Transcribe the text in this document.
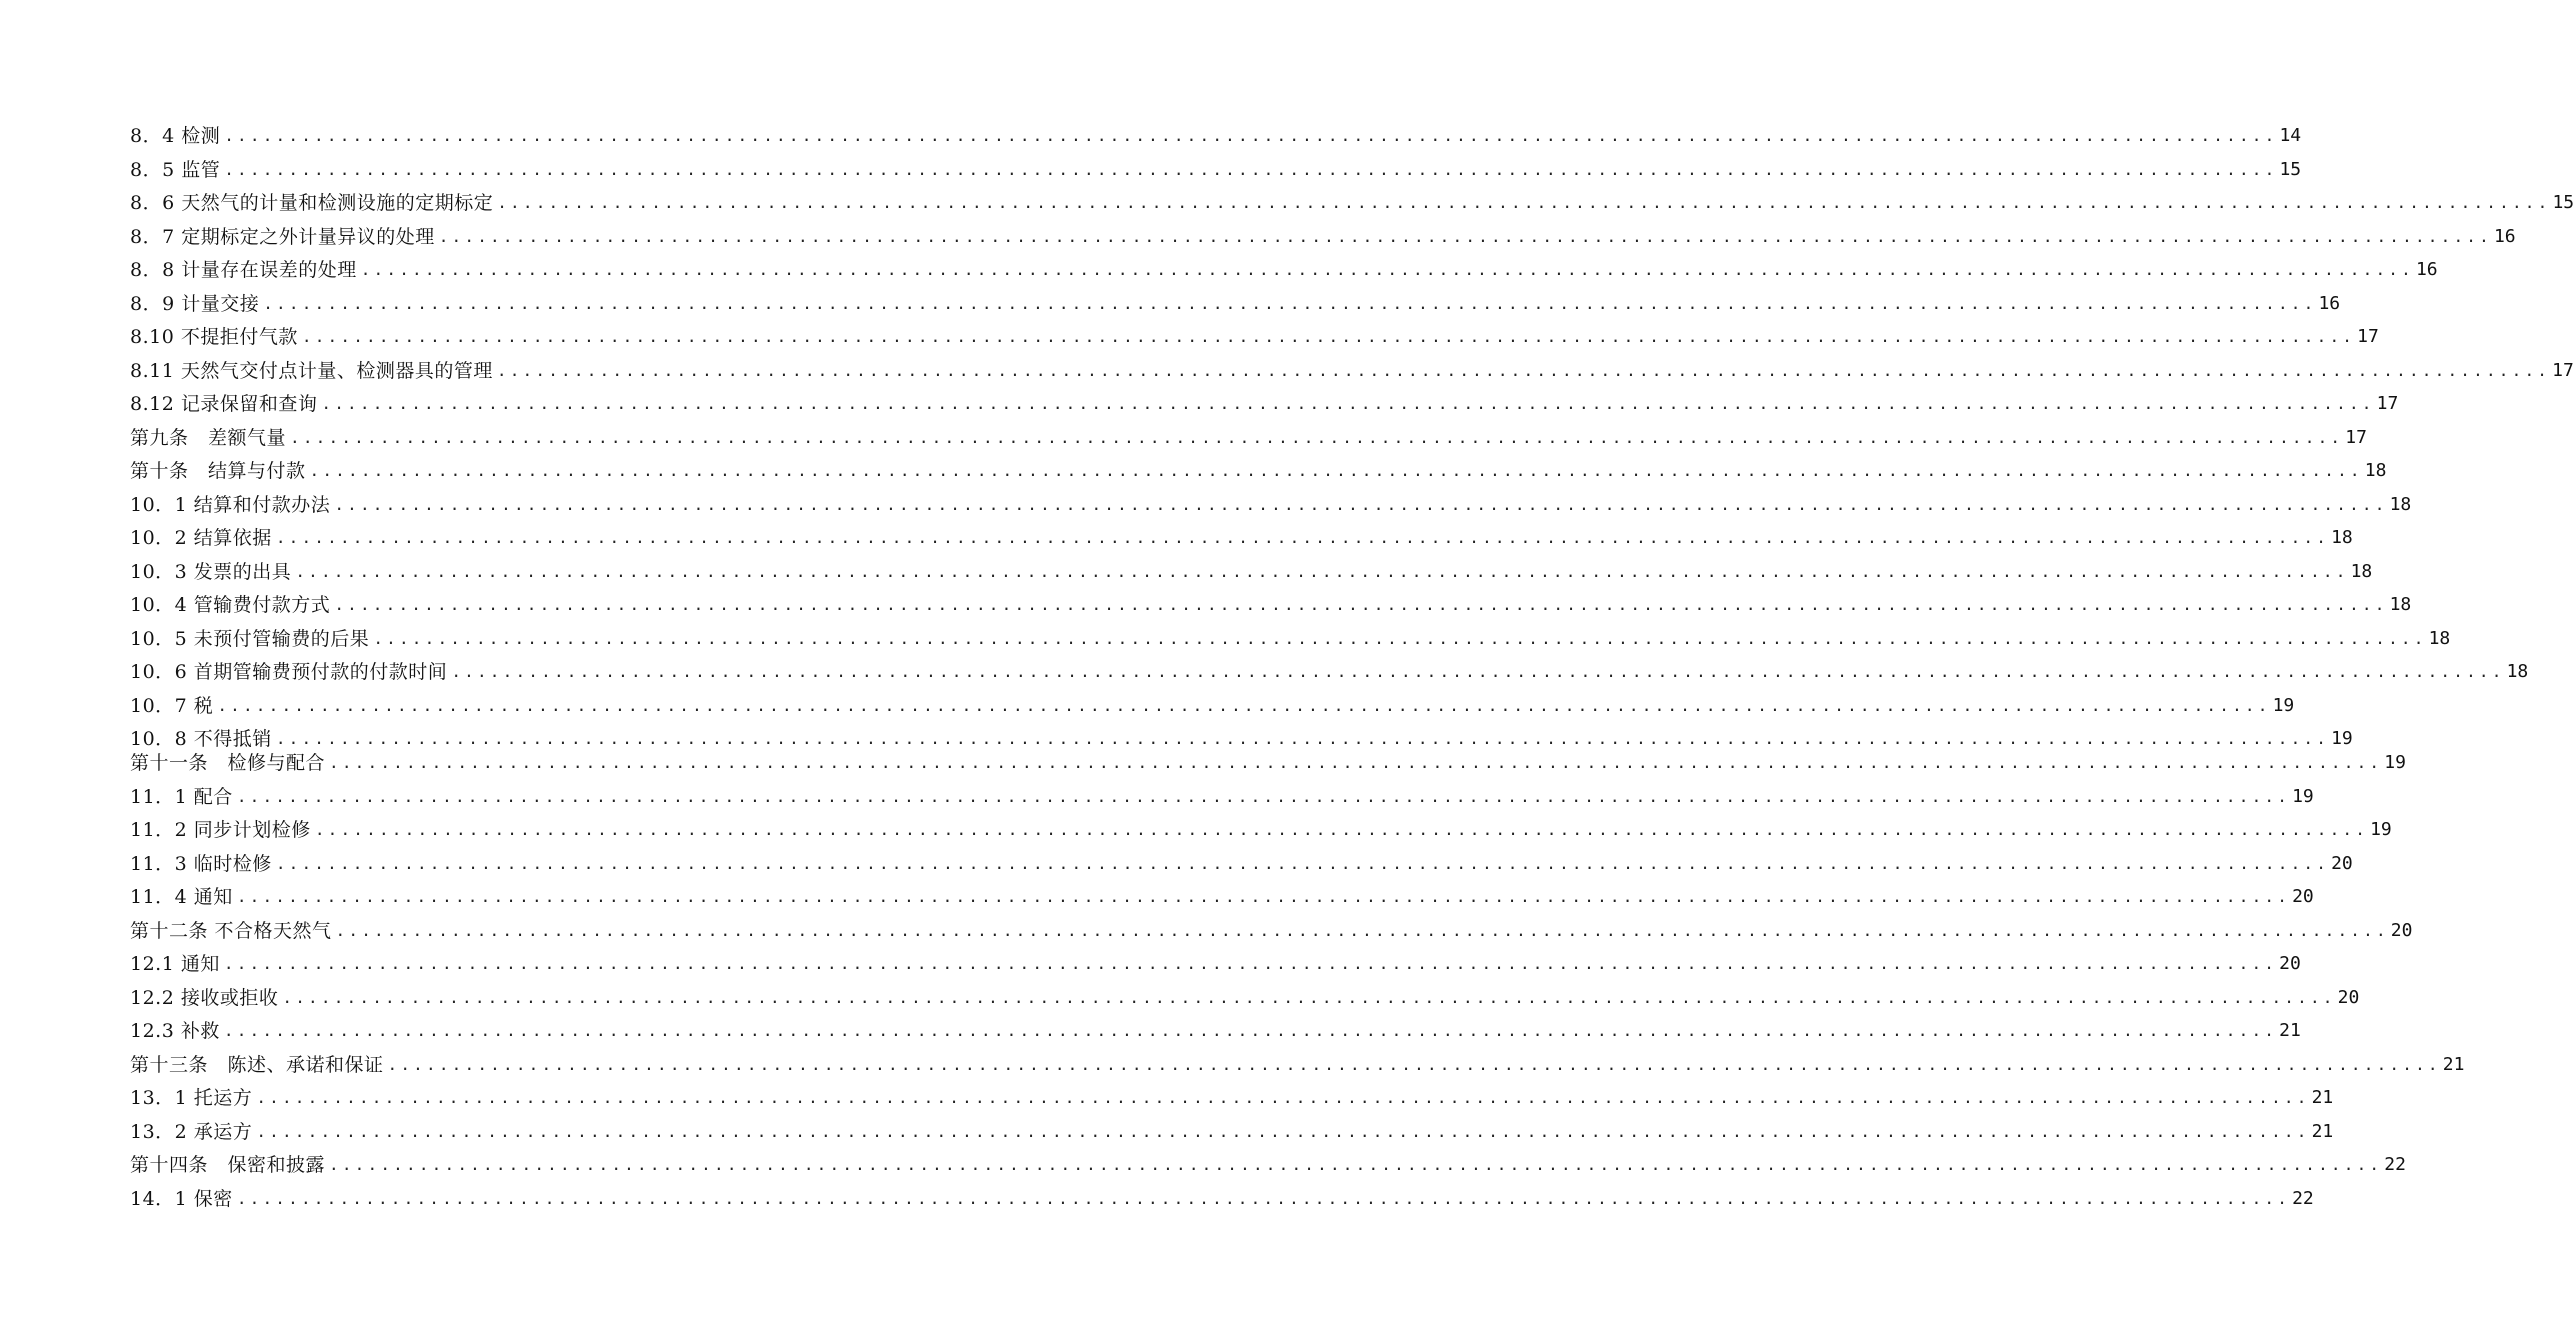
8．4 检测 ................................................................................................................................................................ 14
8．5 监管 ................................................................................................................................................................ 15
8．6 天然气的计量和检测设施的定期标定 ................................................................................................................................................................ 15
8．7 定期标定之外计量异议的处理 ................................................................................................................................................................ 16
8．8 计量存在误差的处理 ................................................................................................................................................................ 16
8．9 计量交接 ................................................................................................................................................................ 16
8.10 不提拒付气款 ................................................................................................................................................................ 17
8.11 天然气交付点计量、检测器具的管理 ................................................................................................................................................................ 17
8.12 记录保留和查询 ................................................................................................................................................................ 17
第九条　差额气量 ................................................................................................................................................................ 17
第十条　结算与付款 ................................................................................................................................................................ 18
10．1 结算和付款办法 ................................................................................................................................................................ 18
10．2 结算依据 ................................................................................................................................................................ 18
10．3 发票的出具 ................................................................................................................................................................ 18
10．4 管输费付款方式 ................................................................................................................................................................ 18
10．5 未预付管输费的后果 ................................................................................................................................................................ 18
10．6 首期管输费预付款的付款时间 ................................................................................................................................................................ 18
10．7 税 ................................................................................................................................................................ 19
10．8 不得抵销 ................................................................................................................................................................ 19
第十一条　检修与配合 ................................................................................................................................................................ 19
11．1 配合 ................................................................................................................................................................ 19
11．2 同步计划检修 ................................................................................................................................................................ 19
11．3 临时检修 ................................................................................................................................................................ 20
11．4 通知 ................................................................................................................................................................ 20
第十二条 不合格天然气 ................................................................................................................................................................ 20
12.1 通知 ................................................................................................................................................................ 20
12.2 接收或拒收 ................................................................................................................................................................ 20
12.3 补救 ................................................................................................................................................................ 21
第十三条　陈述、承诺和保证 ................................................................................................................................................................ 21
13．1 托运方 ................................................................................................................................................................ 21
13．2 承运方 ................................................................................................................................................................ 21
第十四条　保密和披露 ................................................................................................................................................................ 22
14．1 保密 ................................................................................................................................................................ 22
